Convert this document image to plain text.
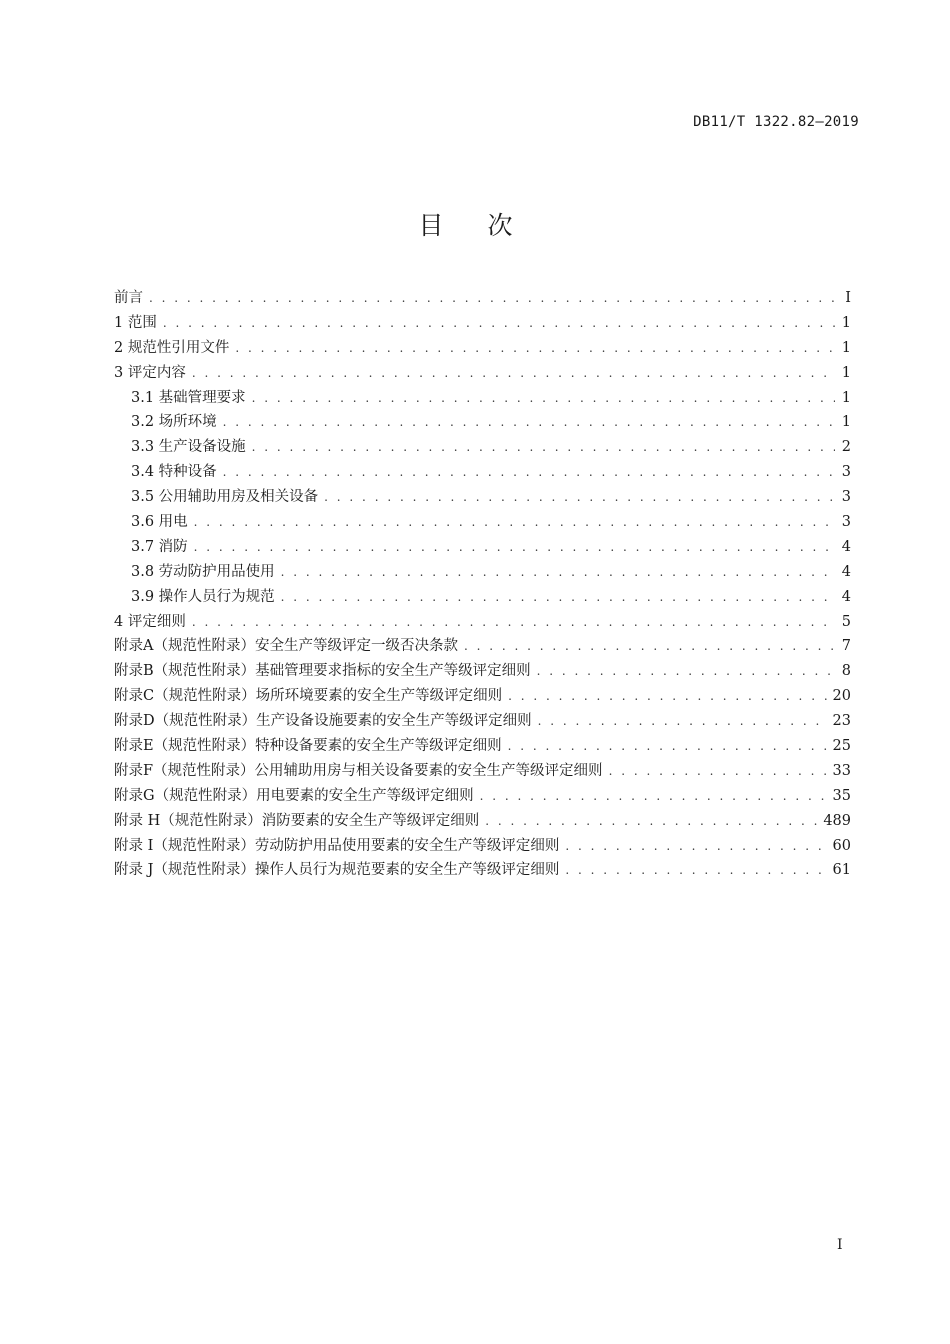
DB11/T 1322.82—2019
目次
前言 . . .	I
1 范围 . . .	1
2 规范性引用文件 . . .	1
3 评定内容 . . .	1
3.1 基础管理要求 . . .	1
3.2 场所环境 . . .	1
3.3 生产设备设施 . . .	2
3.4 特种设备 . . .	3
3.5 公用辅助用房及相关设备 . . .	3
3.6 用电 . . .	3
3.7 消防 . . .	4
3.8 劳动防护用品使用 . . .	4
3.9 操作人员行为规范 . . .	4
4 评定细则 . . .	5
附录A（规范性附录）安全生产等级评定一级否决条款 . . .	7
附录B（规范性附录）基础管理要求指标的安全生产等级评定细则 . . .	8
附录C（规范性附录）场所环境要素的安全生产等级评定细则 . . .	20
附录D（规范性附录）生产设备设施要素的安全生产等级评定细则 . . .	23
附录E（规范性附录）特种设备要素的安全生产等级评定细则 . . .	25
附录F（规范性附录）公用辅助用房与相关设备要素的安全生产等级评定细则 . . .	33
附录G（规范性附录）用电要素的安全生产等级评定细则 . . .	35
附录 H（规范性附录）消防要素的安全生产等级评定细则 . . .	489
附录 I（规范性附录）劳动防护用品使用要素的安全生产等级评定细则 . . .	60
附录 J（规范性附录）操作人员行为规范要素的安全生产等级评定细则 . . .	61
I
